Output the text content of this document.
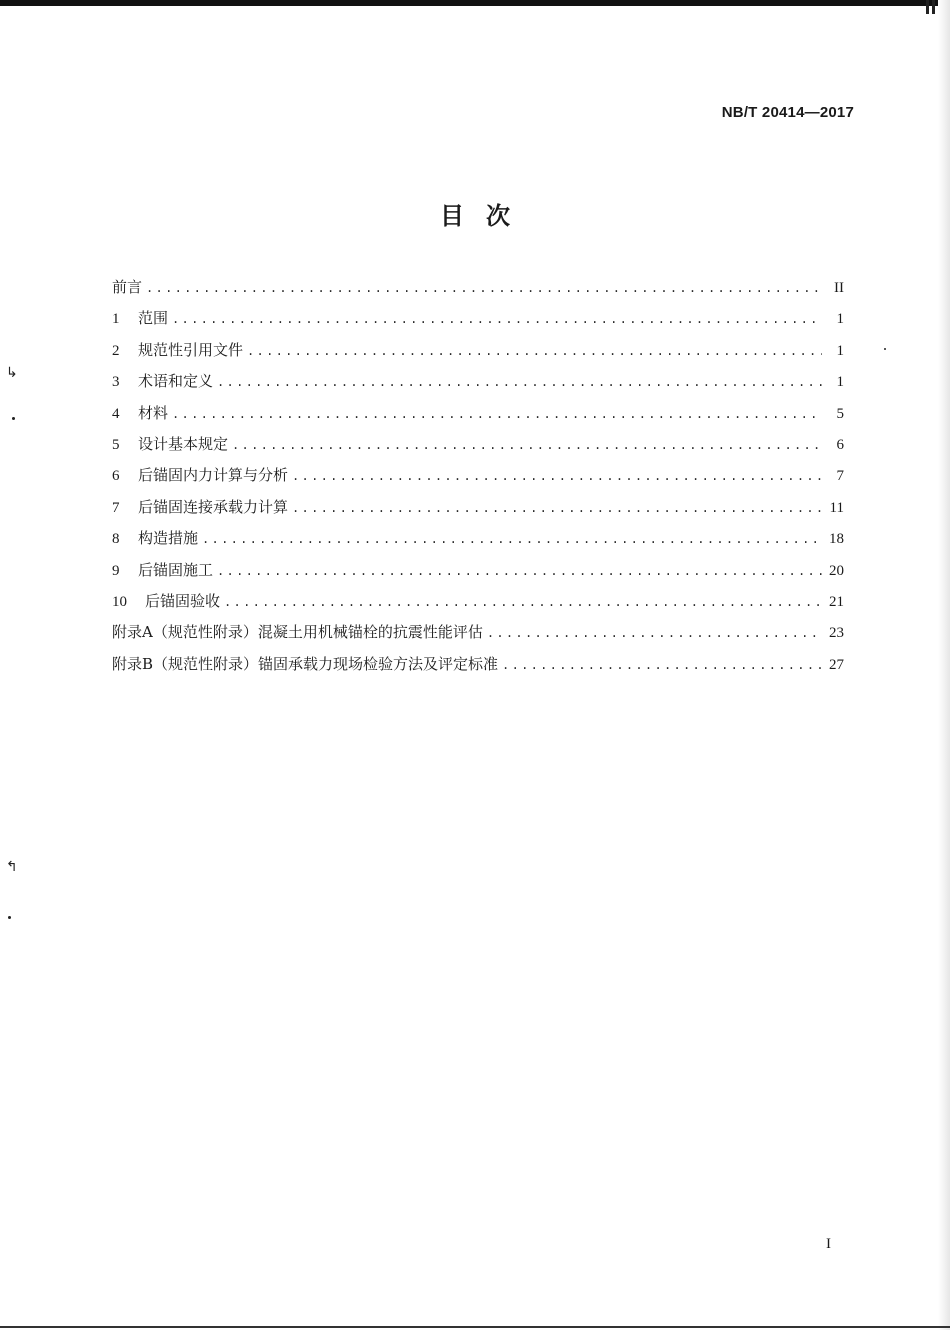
↳
↰
NB/T 20414—2017
目次
前言 .....	II
1	范围 .....	1
2	规范性引用文件 .....	1
3	术语和定义 .....	1
4	材料 .....	5
5	设计基本规定 .....	6
6	后锚固内力计算与分析 .....	7
7	后锚固连接承载力计算 .....	11
8	构造措施 .....	18
9	后锚固施工 .....	20
10	后锚固验收 .....	21
附录A（规范性附录） 混凝土用机械锚栓的抗震性能评估 .....	23
附录B（规范性附录） 锚固承载力现场检验方法及评定标准 .....	27
I
